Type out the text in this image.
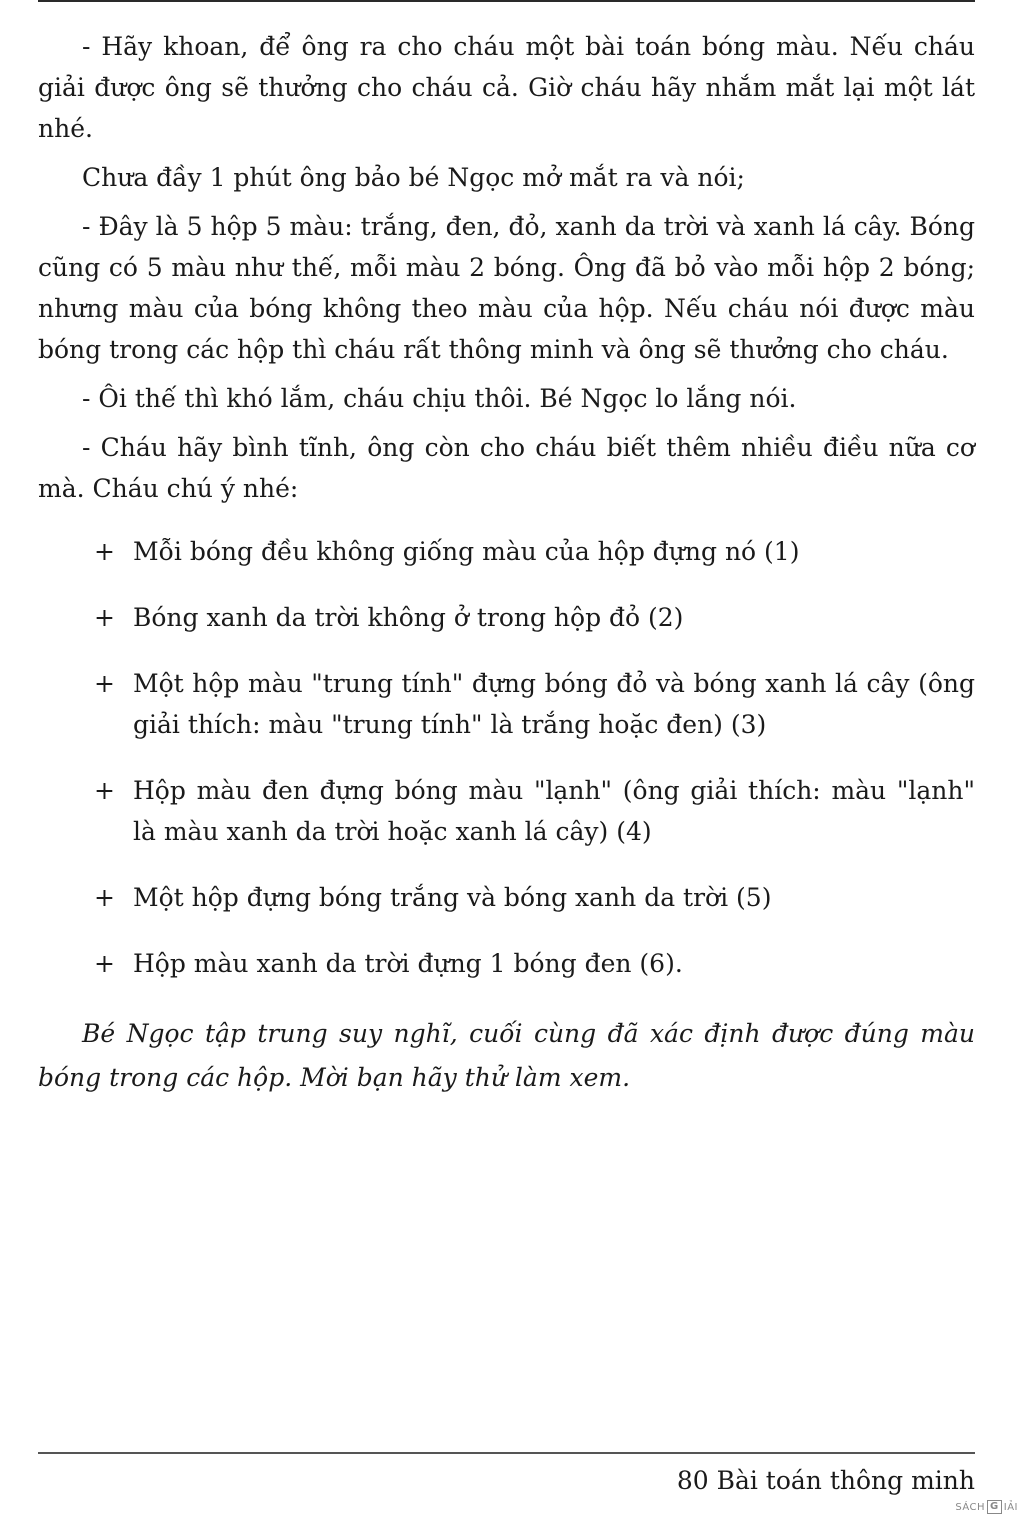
- Hãy khoan, để ông ra cho cháu một bài toán bóng màu. Nếu cháu giải được ông sẽ thưởng cho cháu cả. Giờ cháu hãy nhắm mắt lại một lát nhé.

Chưa đầy 1 phút ông bảo bé Ngọc mở mắt ra và nói;

- Đây là 5 hộp 5 màu: trắng, đen, đỏ, xanh da trời và xanh lá cây. Bóng cũng có 5 màu như thế, mỗi màu 2 bóng. Ông đã bỏ vào mỗi hộp 2 bóng; nhưng màu của bóng không theo màu của hộp. Nếu cháu nói được màu bóng trong các hộp thì cháu rất thông minh và ông sẽ thưởng cho cháu.

- Ôi thế thì khó lắm, cháu chịu thôi. Bé Ngọc lo lắng nói.

- Cháu hãy bình tĩnh, ông còn cho cháu biết thêm nhiều điều nữa cơ mà. Cháu chú ý nhé:

+ Mỗi bóng đều không giống màu của hộp đựng nó (1)
+ Bóng xanh da trời không ở trong hộp đỏ (2)
+ Một hộp màu "trung tính" đựng bóng đỏ và bóng xanh lá cây (ông giải thích: màu "trung tính" là trắng hoặc đen) (3)
+ Hộp màu đen đựng bóng màu "lạnh" (ông giải thích: màu "lạnh" là màu xanh da trời hoặc xanh lá cây) (4)
+ Một hộp đựng bóng trắng và bóng xanh da trời (5)
+ Hộp màu xanh da trời đựng 1 bóng đen (6).

Bé Ngọc tập trung suy nghĩ, cuối cùng đã xác định được đúng màu bóng trong các hộp. Mời bạn hãy thử làm xem.

80 Bài toán thông minh
SÁCH G IẢI
